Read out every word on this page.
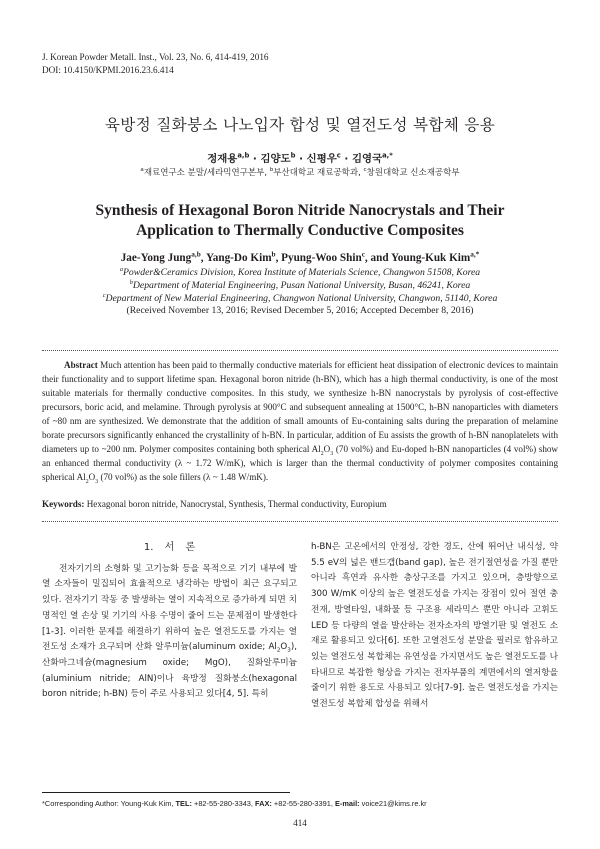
J. Korean Powder Metall. Inst., Vol. 23, No. 6, 414-419, 2016
DOI: 10.4150/KPMI.2016.23.6.414
육방정 질화붕소 나노입자 합성 및 열전도성 복합체 응용
정재용$^{a,b}$ · 김양도$^b$ · 신평우$^c$ · 김영국$^{a,*}$
$^a$재료연구소 분말/세라믹연구본부, $^b$부산대학교 재료공학과, $^c$창원대학교 신소재공학부
Synthesis of Hexagonal Boron Nitride Nanocrystals and Their
Application to Thermally Conductive Composites
Jae-Yong Jung$^{a,b}$, Yang-Do Kim$^b$, Pyung-Woo Shin$^c$, and Young-Kuk Kim$^{a,*}$
$^a$Powder&Ceramics Division, Korea Institute of Materials Science, Changwon 51508, Korea
$^b$Department of Material Engineering, Pusan National University, Busan, 46241, Korea
$^c$Department of New Material Engineering, Changwon National University, Changwon, 51140, Korea
(Received November 13, 2016; Revised December 5, 2016; Accepted December 8, 2016)
Abstract Much attention has been paid to thermally conductive materials for efficient heat dissipation of electronic devices to maintain their functionality and to support lifetime span. Hexagonal boron nitride (h-BN), which has a high thermal conductivity, is one of the most suitable materials for thermally conductive composites. In this study, we synthesize h-BN nanocrystals by pyrolysis of cost-effective precursors, boric acid, and melamine. Through pyrolysis at 900°C and subsequent annealing at 1500°C, h-BN nanoparticles with diameters of ~80 nm are synthesized. We demonstrate that the addition of small amounts of Eu-containing salts during the preparation of melamine borate precursors significantly enhanced the crystallinity of h-BN. In particular, addition of Eu assists the growth of h-BN nanoplatelets with diameters up to ~200 nm. Polymer composites containing both spherical $Al_2O_3$ (70 vol%) and Eu-doped h-BN nanoparticles (4 vol%) show an enhanced thermal conductivity (λ ~ 1.72 W/mK), which is larger than the thermal conductivity of polymer composites containing spherical $Al_2O_3$ (70 vol%) as the sole fillers (λ ~ 1.48 W/mK).
Keywords: Hexagonal boron nitride, Nanocrystal, Synthesis, Thermal conductivity, Europium
1. 서 론
전자기기의 소형화 및 고기능화 등을 목적으로 기기 내부에 발열 소자들이 밀집되어 효율적으로 냉각하는 방법이 최근 요구되고 있다. 전자기기 작동 중 발생하는 열이 지속적으로 증가하게 되면 치명적인 열 손상 및 기기의 사용 수명이 줄어 드는 문제점이 발생한다[1-3]. 이러한 문제를 해결하기 위하여 높은 열전도도를 가지는 열전도성 소재가 요구되며 산화 알루미늄(aluminum oxide; $Al_2O_3$), 산화마그네슘(magnesium oxide; MgO), 질화알루미늄(aluminium nitride; AlN)이나 육방정 질화붕소(hexagonal boron nitride; h-BN) 등이 주로 사용되고 있다[4, 5]. 특히
h-BN은 고온에서의 안정성, 강한 경도, 산에 뛰어난 내식성, 약 5.5 eV의 넓은 밴드갭(band gap), 높은 전기절연성을 가질 뿐만 아니라 흑연과 유사한 층상구조를 가지고 있으며, 층방향으로 300 W/mK 이상의 높은 열전도성을 가지는 장점이 있어 절연 충전재, 방열타일, 내화물 등 구조용 세라믹스 뿐만 아니라 고휘도 LED 등 다량의 열을 발산하는 전자소자의 방열기판 및 열전도 소재로 활용되고 있다[6]. 또한 고열전도성 분말을 필러로 함유하고 있는 열전도성 복합체는 유연성을 가지면서도 높은 열전도도를 나타내므로 복잡한 형상을 가지는 전자부품의 계면에서의 열저항을 줄이기 위한 용도로 사용되고 있다[7-9]. 높은 열전도성을 가지는 열전도성 복합체 합성을 위해서
*Corresponding Author: Young-Kuk Kim, TEL: +82-55-280-3343, FAX: +82-55-280-3391, E-mail: voice21@kims.re.kr
414
